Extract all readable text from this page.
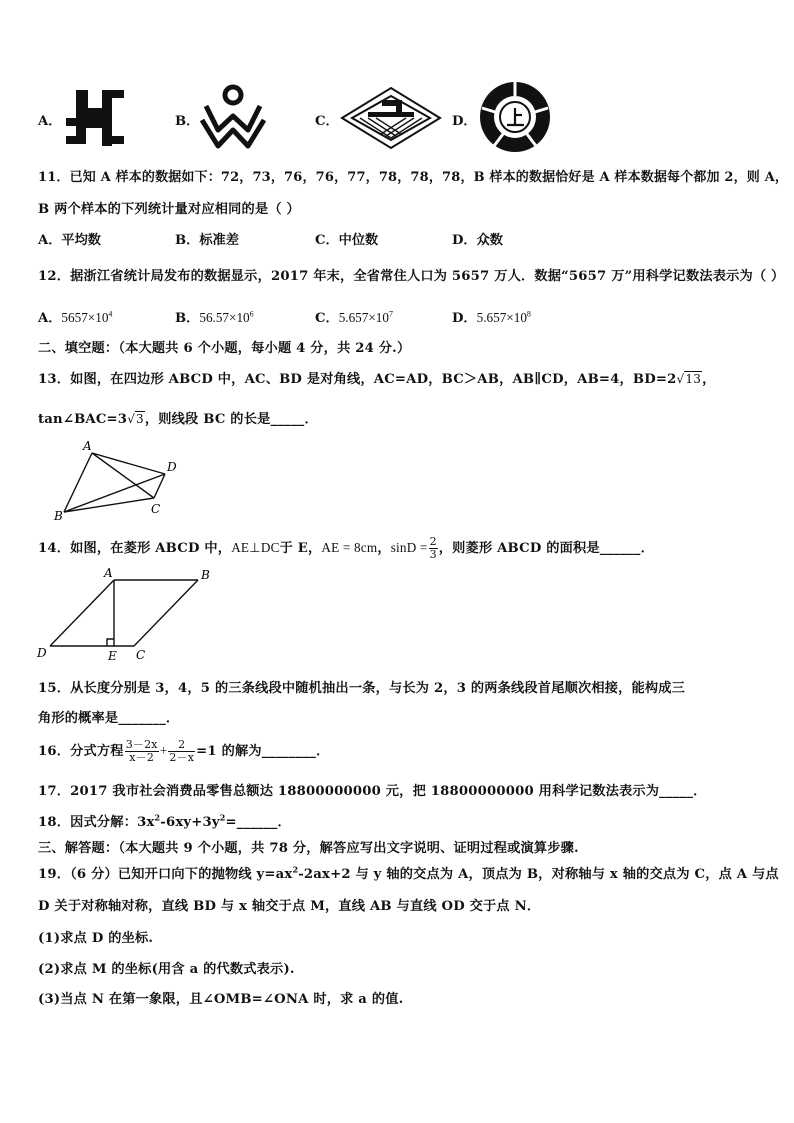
A．	B．	C．	D．
11．已知 A 样本的数据如下：72，73，76，76，77，78，78，78，B 样本的数据恰好是 A 样本数据每个都加 2，则 A，
B 两个样本的下列统计量对应相同的是（ ）
A．平均数	B．标准差	C．中位数	D．众数
12．据浙江省统计局发布的数据显示，2017 年末，全省常住人口为 5657 万人．数据“5657 万”用科学记数法表示为（ ）
A．$5657\times 10^4$	B．$56.57\times 10^6$	C．$5.657\times 10^7$	D．$5.657\times 10^8$
二、填空题：（本大题共 6 个小题，每小题 4 分，共 24 分.）
13．如图，在四边形 ABCD 中，AC、BD 是对角线，AC=AD，BC＞AB，AB∥CD，AB=4，BD=2√13，
tan∠BAC=3√3，则线段 BC 的长是_____．
A
B	C
D
14．如图，在菱形 ABCD 中，AE⊥DC于 E，AE = 8cm，$\sin D = \frac{2}{3}$ ，则菱形 ABCD 的面积是______．
A	B
C
D	E
15．从长度分别是 3，4，5 的三条线段中随机抽出一条，与长为 2，3 的两条线段首尾顺次相接，能构成三
角形的概率是_______．
16．分式方程 $\frac{3-2x}{x-2} + \frac{2}{2-x} =1$ 的解为________．
17．2017 我市社会消费品零售总额达 18800000000 元，把 18800000000 用科学记数法表示为_____．
18．因式分解：$3x^2-6xy+3y^2=\_\_\_\_\_\_$．
三、解答题：（本大题共 9 个小题，共 78 分，解答应写出文字说明、证明过程或演算步骤.
19．（6 分）已知开口向下的抛物线 $y=ax^2-2ax+2$ 与 y 轴的交点为 A，顶点为 B，对称轴与 x 轴的交点为 C，点 A 与点
D 关于对称轴对称，直线 BD 与 x 轴交于点 M，直线 AB 与直线 OD 交于点 N．
(1)求点 D 的坐标.
(2)求点 M 的坐标(用含 a 的代数式表示).
(3)当点 N 在第一象限，且∠OMB=∠ONA 时，求 a 的值.
